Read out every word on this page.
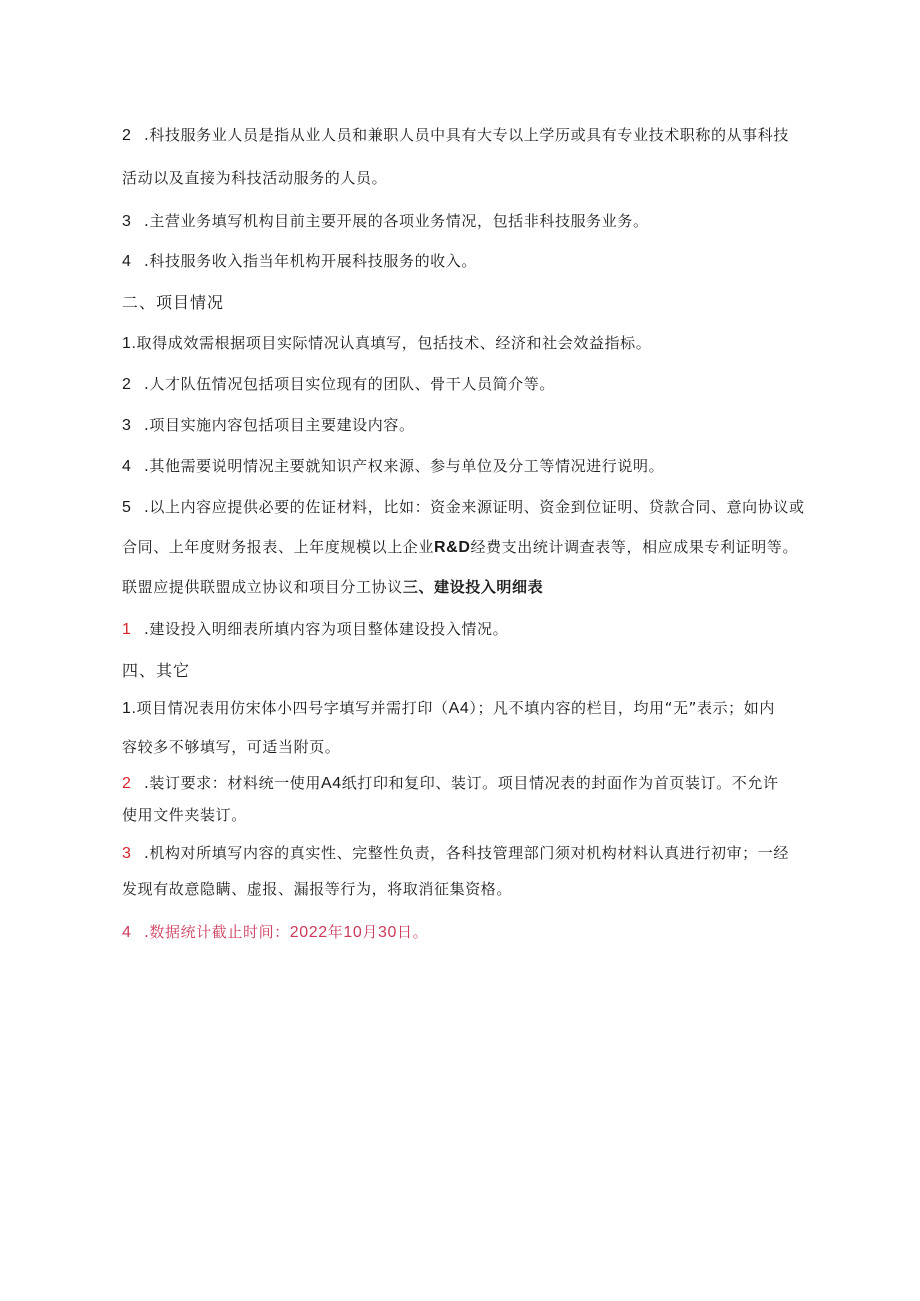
2 .科技服务业人员是指从业人员和兼职人员中具有大专以上学历或具有专业技术职称的从事科技

活动以及直接为科技活动服务的人员。

3 .主营业务填写机构目前主要开展的各项业务情况，包括非科技服务业务。

4 .科技服务收入指当年机构开展科技服务的收入。

二、项目情况

1.取得成效需根据项目实际情况认真填写，包括技术、经济和社会效益指标。

2 .人才队伍情况包括项目实位现有的团队、骨干人员简介等。

3 .项目实施内容包括项目主要建设内容。

4 .其他需要说明情况主要就知识产权来源、参与单位及分工等情况进行说明。

5 .以上内容应提供必要的佐证材料，比如：资金来源证明、资金到位证明、贷款合同、意向协议或

合同、上年度财务报表、上年度规模以上企业R&D经费支出统计调查表等，相应成果专利证明等。

联盟应提供联盟成立协议和项目分工协议三、建设投入明细表

1 .建设投入明细表所填内容为项目整体建设投入情况。

四、其它

1.项目情况表用仿宋体小四号字填写并需打印（A4）；凡不填内容的栏目，均用“无”表示；如内

容较多不够填写，可适当附页。

2 .装订要求：材料统一使用A4纸打印和复印、装订。项目情况表的封面作为首页装订。不允许

使用文件夹装订。

3 .机构对所填写内容的真实性、完整性负责，各科技管理部门须对机构材料认真进行初审；一经

发现有故意隐瞒、虚报、漏报等行为，将取消征集资格。

4 .数据统计截止时间：2022年10月30日。
